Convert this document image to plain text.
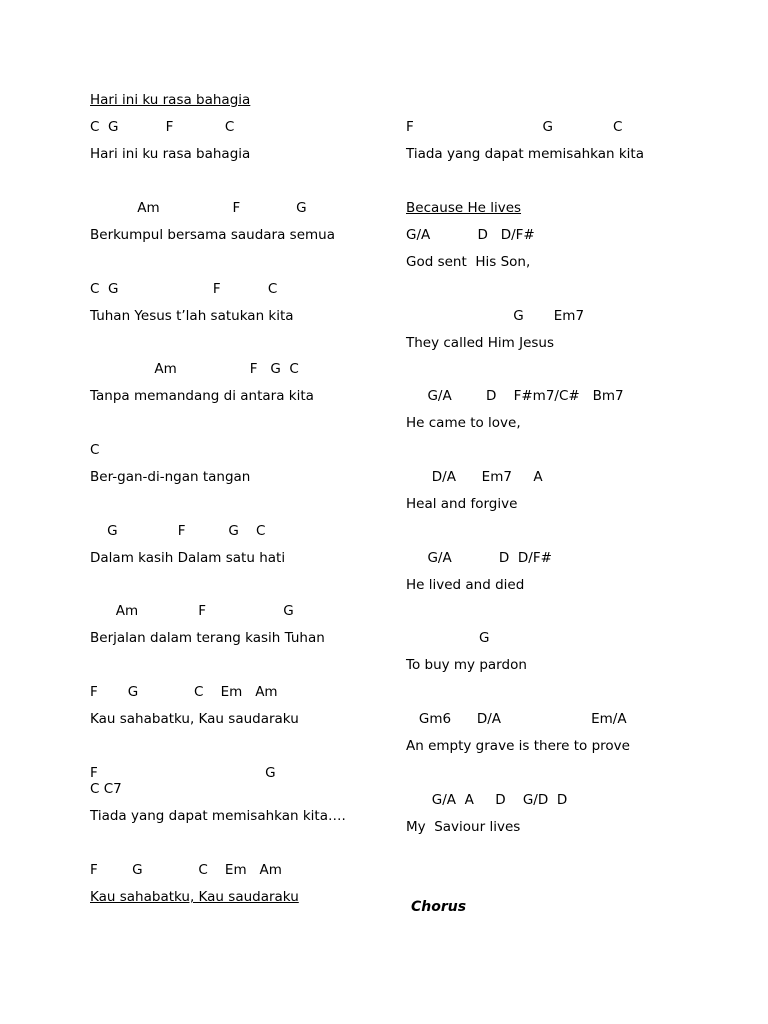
Hari ini ku rasa bahagia
C  G           F            C
Hari ini ku rasa bahagia
Am                 F             G
Berkumpul bersama saudara semua
C  G                      F           C
Tuhan Yesus t’lah satukan kita
Am                 F   G  C
Tanpa memandang di antara kita
C
Ber-gan-di-ngan tangan
G              F          G    C
Dalam kasih Dalam satu hati
Am              F                  G
Berjalan dalam terang kasih Tuhan
F       G             C    Em   Am
Kau sahabatku, Kau saudaraku
F                                       G                   C C7
Tiada yang dapat memisahkan kita….
F        G             C    Em   Am
Kau sahabatku, Kau saudaraku
F                              G              C
Tiada yang dapat memisahkan kita
Because He lives
G/A           D   D/F#
God sent  His Son,
G       Em7
They called Him Jesus
G/A        D    F#m7/C#   Bm7
He came to love,
D/A      Em7     A
Heal and forgive
G/A           D  D/F#
He lived and died
G
To buy my pardon
Gm6      D/A                     Em/A
An empty grave is there to prove
G/A  A     D    G/D  D
My  Saviour lives
Chorus
